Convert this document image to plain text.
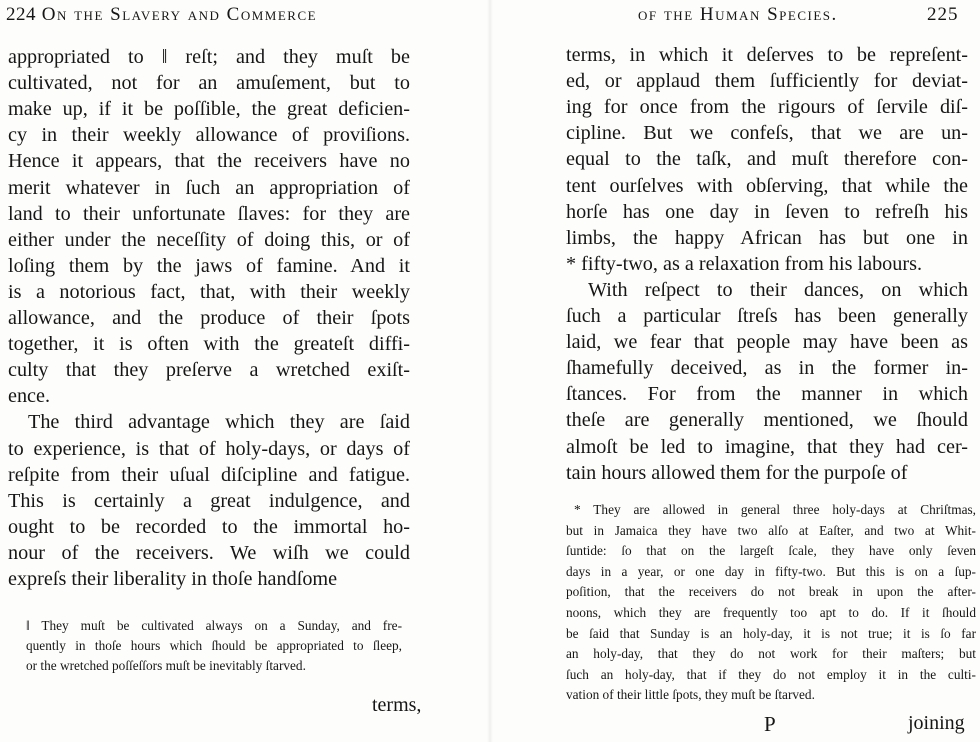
224 On the Slavery and Commerce
appropriated to ‖ reſt; and they muſt be
cultivated, not for an amuſement, but to
make up, if it be poſſible, the great deficien-
cy in their weekly allowance of proviſions.
Hence it appears, that the receivers have no
merit whatever in ſuch an appropriation of
land to their unfortunate ſlaves: for they are
either under the neceſſity of doing this, or of
loſing them by the jaws of famine. And it
is a notorious fact, that, with their weekly
allowance, and the produce of their ſpots
together, it is often with the greateſt diffi-
culty that they preſerve a wretched exiſt-
ence.
The third advantage which they are ſaid
to experience, is that of holy-days, or days of
reſpite from their uſual diſcipline and fatigue.
This is certainly a great indulgence, and
ought to be recorded to the immortal ho-
nour of the receivers. We wiſh we could
expreſs their liberality in thoſe handſome
‖ They muſt be cultivated always on a Sunday, and fre-
quently in thoſe hours which ſhould be appropriated to ſleep,
or the wretched poſſeſſors muſt be inevitably ſtarved.
terms,
of the Human Species.	225
terms, in which it deſerves to be repreſent-
ed, or applaud them ſufficiently for deviat-
ing for once from the rigours of ſervile diſ-
cipline. But we confeſs, that we are un-
equal to the taſk, and muſt therefore con-
tent ourſelves with obſerving, that while the
horſe has one day in ſeven to refreſh his
limbs, the happy African has but one in
* fifty-two, as a relaxation from his labours.
With reſpect to their dances, on which
ſuch a particular ſtreſs has been generally
laid, we fear that people may have been as
ſhamefully deceived, as in the former in-
ſtances. For from the manner in which
theſe are generally mentioned, we ſhould
almoſt be led to imagine, that they had cer-
tain hours allowed them for the purpoſe of
* They are allowed in general three holy-days at Chriſtmas,
but in Jamaica they have two alſo at Eaſter, and two at Whit-
ſuntide: ſo that on the largeſt ſcale, they have only ſeven
days in a year, or one day in fifty-two. But this is on a ſup-
poſition, that the receivers do not break in upon the after-
noons, which they are frequently too apt to do. If it ſhould
be ſaid that Sunday is an holy-day, it is not true; it is ſo far
an holy-day, that they do not work for their maſters; but
ſuch an holy-day, that if they do not employ it in the culti-
vation of their little ſpots, they muſt be ſtarved.
P	joining
